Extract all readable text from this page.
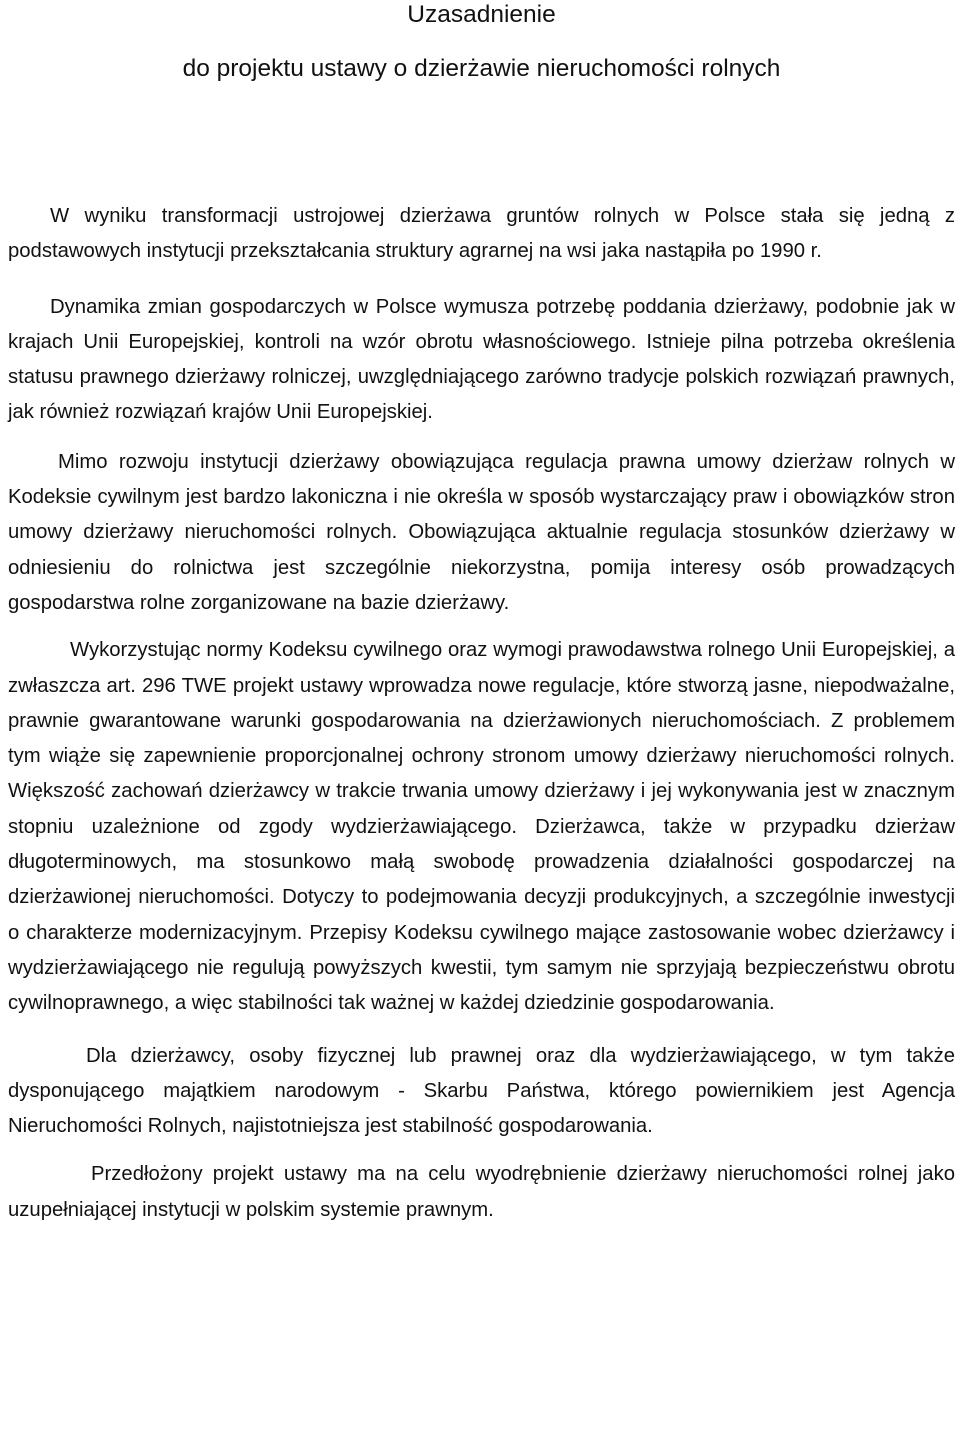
Uzasadnienie
do projektu ustawy o dzierżawie nieruchomości rolnych

W wyniku transformacji ustrojowej dzierżawa gruntów rolnych w Polsce stała się jedną z podstawowych instytucji przekształcania struktury agrarnej na wsi jaka nastąpiła po 1990 r.

Dynamika zmian gospodarczych w Polsce wymusza potrzebę poddania dzierżawy, podobnie jak w krajach Unii Europejskiej, kontroli na wzór obrotu własnościowego. Istnieje pilna potrzeba określenia statusu prawnego dzierżawy rolniczej, uwzględniającego zarówno tradycje polskich rozwiązań prawnych, jak również rozwiązań krajów Unii Europejskiej.

Mimo rozwoju instytucji dzierżawy obowiązująca regulacja prawna umowy dzierżaw rolnych w Kodeksie cywilnym jest bardzo lakoniczna i nie określa w sposób wystarczający praw i obowiązków stron umowy dzierżawy nieruchomości rolnych. Obowiązująca aktualnie regulacja stosunków dzierżawy w odniesieniu do rolnictwa jest szczególnie niekorzystna, pomija interesy osób prowadzących gospodarstwa rolne zorganizowane na bazie dzierżawy.

Wykorzystując normy Kodeksu cywilnego oraz wymogi prawodawstwa rolnego Unii Europejskiej, a zwłaszcza art. 296 TWE projekt ustawy wprowadza nowe regulacje, które stworzą jasne, niepodważalne, prawnie gwarantowane warunki gospodarowania na dzierżawionych nieruchomościach. Z problemem tym wiąże się zapewnienie proporcjonalnej ochrony stronom umowy dzierżawy nieruchomości rolnych. Większość zachowań dzierżawcy w trakcie trwania umowy dzierżawy i jej wykonywania jest w znacznym stopniu uzależnione od zgody wydzierżawiającego. Dzierżawca, także w przypadku dzierżaw długoterminowych, ma stosunkowo małą swobodę prowadzenia działalności gospodarczej na dzierżawionej nieruchomości. Dotyczy to podejmowania decyzji produkcyjnych, a szczególnie inwestycji o charakterze modernizacyjnym. Przepisy Kodeksu cywilnego mające zastosowanie wobec dzierżawcy i wydzierżawiającego nie regulują powyższych kwestii, tym samym nie sprzyjają bezpieczeństwu obrotu cywilnoprawnego, a więc stabilności tak ważnej w każdej dziedzinie gospodarowania.

Dla dzierżawcy, osoby fizycznej lub prawnej oraz dla wydzierżawiającego, w tym także dysponującego majątkiem narodowym - Skarbu Państwa, którego powiernikiem jest Agencja Nieruchomości Rolnych, najistotniejsza jest stabilność gospodarowania.

Przedłożony projekt ustawy ma na celu wyodrębnienie dzierżawy nieruchomości rolnej jako uzupełniającej instytucji w polskim systemie prawnym.
